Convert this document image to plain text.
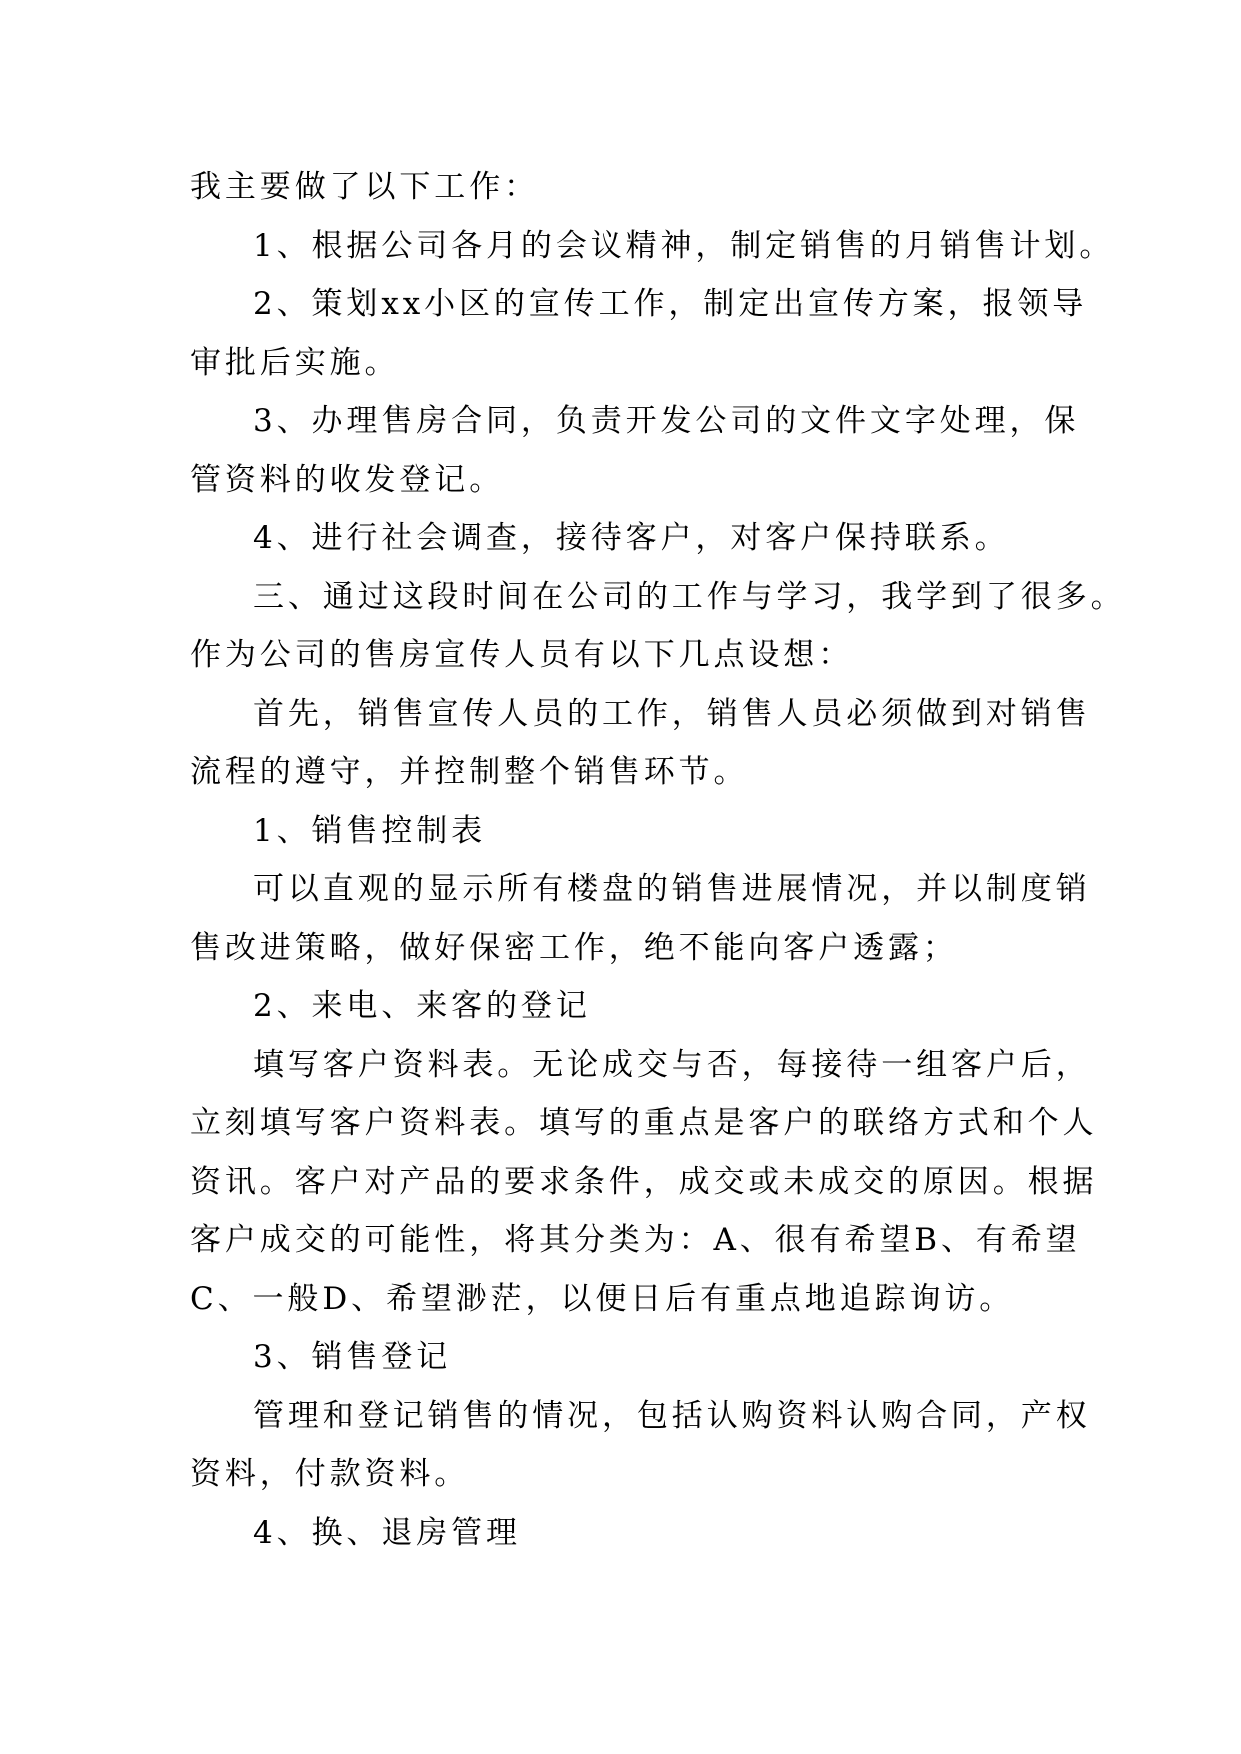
我主要做了以下工作：
1、根据公司各月的会议精神，制定销售的月销售计划。
2、策划xx小区的宣传工作，制定出宣传方案，报领导
审批后实施。
3、办理售房合同，负责开发公司的文件文字处理，保
管资料的收发登记。
4、进行社会调查，接待客户，对客户保持联系。
三、通过这段时间在公司的工作与学习，我学到了很多。
作为公司的售房宣传人员有以下几点设想：
首先，销售宣传人员的工作，销售人员必须做到对销售
流程的遵守，并控制整个销售环节。
1、销售控制表
可以直观的显示所有楼盘的销售进展情况，并以制度销
售改进策略，做好保密工作，绝不能向客户透露；
2、来电、来客的登记
填写客户资料表。无论成交与否，每接待一组客户后，
立刻填写客户资料表。填写的重点是客户的联络方式和个人
资讯。客户对产品的要求条件，成交或未成交的原因。根据
客户成交的可能性，将其分类为：A、很有希望B、有希望
C、一般D、希望渺茫，以便日后有重点地追踪询访。
3、销售登记
管理和登记销售的情况，包括认购资料认购合同，产权
资料，付款资料。
4、换、退房管理
